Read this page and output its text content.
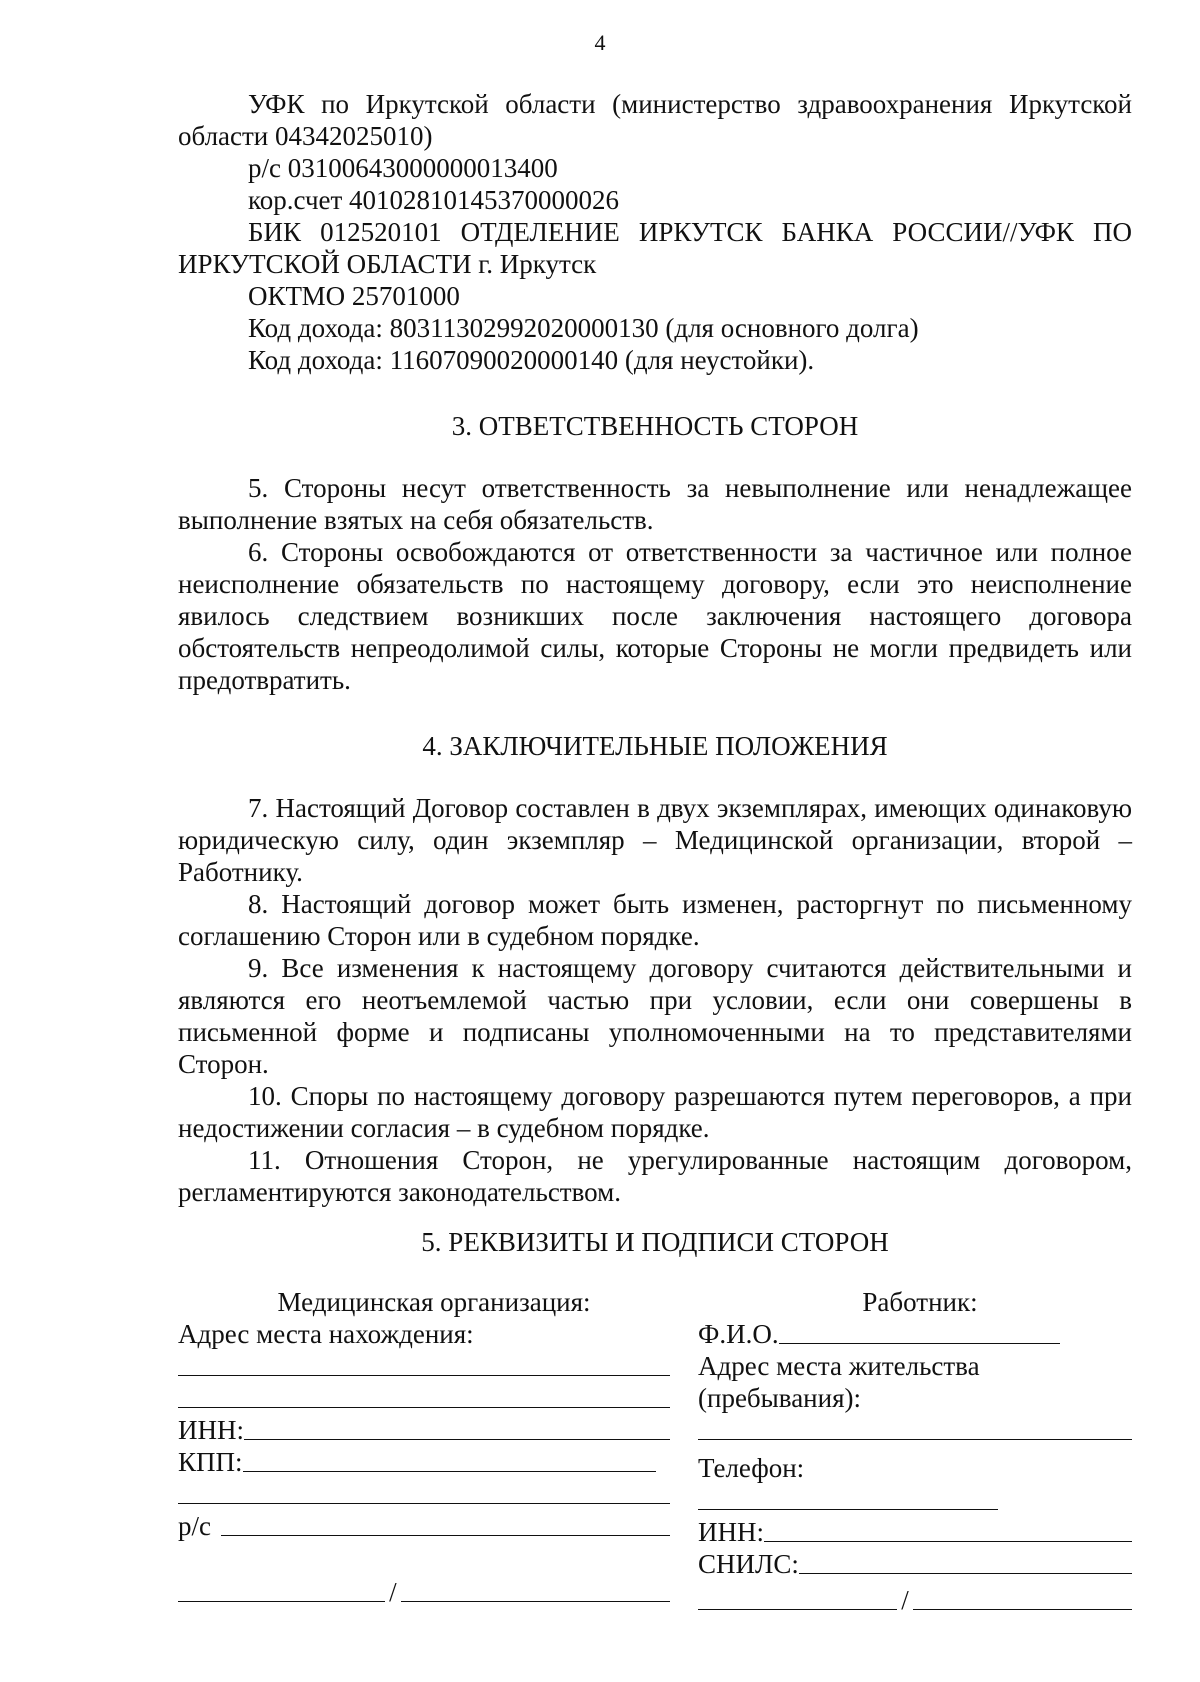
4

УФК по Иркутской области (министерство здравоохранения Иркутской области 04342025010)

р/с 03100643000000013400

кор.счет 40102810145370000026

БИК 012520101 ОТДЕЛЕНИЕ ИРКУТСК БАНКА РОССИИ//УФК ПО ИРКУТСКОЙ ОБЛАСТИ г. Иркутск

ОКТМО 25701000

Код дохода: 80311302992020000130 (для основного долга)

Код дохода: 11607090020000140 (для неустойки).

3. ОТВЕТСТВЕННОСТЬ СТОРОН

5. Стороны несут ответственность за невыполнение или ненадлежащее выполнение взятых на себя обязательств.

6. Стороны освобождаются от ответственности за частичное или полное неисполнение обязательств по настоящему договору, если это неисполнение явилось следствием возникших после заключения настоящего договора обстоятельств непреодолимой силы, которые Стороны не могли предвидеть или предотвратить.

4. ЗАКЛЮЧИТЕЛЬНЫЕ ПОЛОЖЕНИЯ

7. Настоящий Договор составлен в двух экземплярах, имеющих одинаковую юридическую силу, один экземпляр – Медицинской организации, второй – Работнику.

8. Настоящий договор может быть изменен, расторгнут по письменному соглашению Сторон или в судебном порядке.

9. Все изменения к настоящему договору считаются действительными и являются его неотъемлемой частью при условии, если они совершены в письменной форме и подписаны уполномоченными на то представителями Сторон.

10. Споры по настоящему договору разрешаются путем переговоров, а при недостижении согласия – в судебном порядке.

11. Отношения Сторон, не урегулированные настоящим договором, регламентируются законодательством.

5. РЕКВИЗИТЫ И ПОДПИСИ СТОРОН

Медицинская организация:
Адрес места нахождения:
ИНН:
КПП:
р/с
/
Работник:
Ф.И.О.
Адрес места жительства
(пребывания):
Телефон:
ИНН:
СНИЛС:
/
